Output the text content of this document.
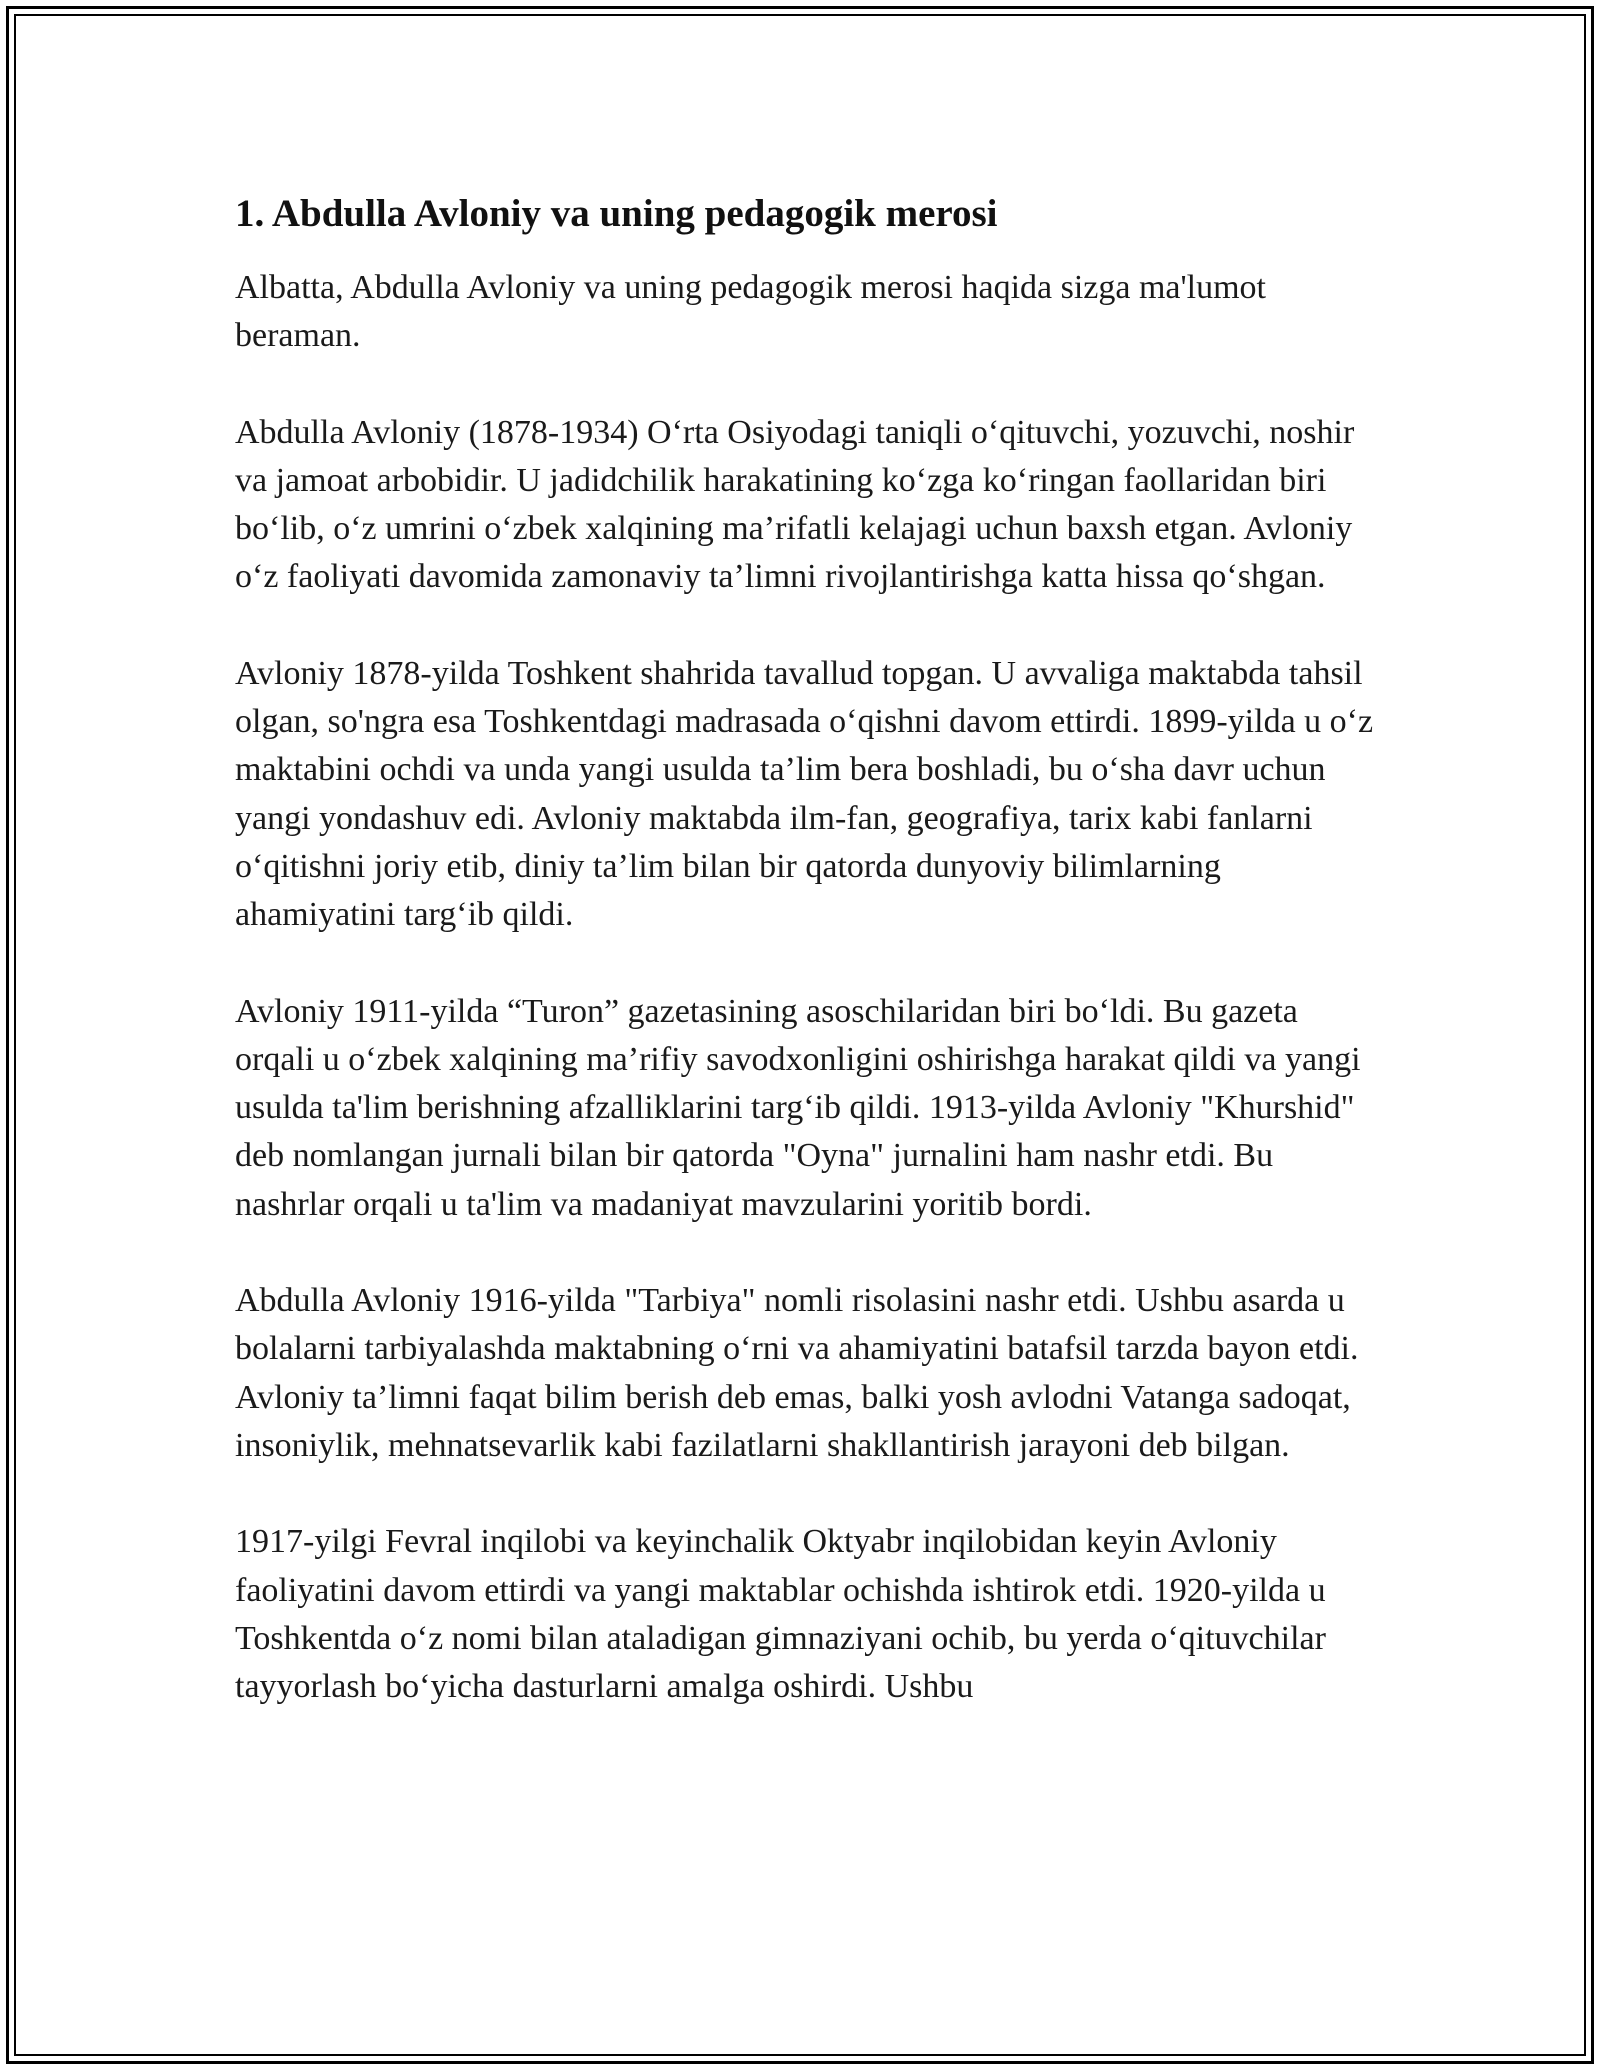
1. Abdulla Avloniy va uning pedagogik merosi

Albatta, Abdulla Avloniy va uning pedagogik merosi haqida sizga ma'lumot beraman.

Abdulla Avloniy (1878-1934) O‘rta Osiyodagi taniqli o‘qituvchi, yozuvchi, noshir va jamoat arbobidir. U jadidchilik harakatining ko‘zga ko‘ringan faollaridan biri bo‘lib, o‘z umrini o‘zbek xalqining ma’rifatli kelajagi uchun baxsh etgan. Avloniy o‘z faoliyati davomida zamonaviy ta’limni rivojlantirishga katta hissa qo‘shgan.

Avloniy 1878-yilda Toshkent shahrida tavallud topgan. U avvaliga maktabda tahsil olgan, so'ngra esa Toshkentdagi madrasada o‘qishni davom ettirdi. 1899-yilda u o‘z maktabini ochdi va unda yangi usulda ta’lim bera boshladi, bu o‘sha davr uchun yangi yondashuv edi. Avloniy maktabda ilm-fan, geografiya, tarix kabi fanlarni o‘qitishni joriy etib, diniy ta’lim bilan bir qatorda dunyoviy bilimlarning ahamiyatini targ‘ib qildi.

Avloniy 1911-yilda “Turon” gazetasining asoschilaridan biri bo‘ldi. Bu gazeta orqali u o‘zbek xalqining ma’rifiy savodxonligini oshirishga harakat qildi va yangi usulda ta'lim berishning afzalliklarini targ‘ib qildi. 1913-yilda Avloniy "Khurshid" deb nomlangan jurnali bilan bir qatorda "Oyna" jurnalini ham nashr etdi. Bu nashrlar orqali u ta'lim va madaniyat mavzularini yoritib bordi.

Abdulla Avloniy 1916-yilda "Tarbiya" nomli risolasini nashr etdi. Ushbu asarda u bolalarni tarbiyalashda maktabning o‘rni va ahamiyatini batafsil tarzda bayon etdi. Avloniy ta’limni faqat bilim berish deb emas, balki yosh avlodni Vatanga sadoqat, insoniylik, mehnatsevarlik kabi fazilatlarni shakllantirish jarayoni deb bilgan.

1917-yilgi Fevral inqilobi va keyinchalik Oktyabr inqilobidan keyin Avloniy faoliyatini davom ettirdi va yangi maktablar ochishda ishtirok etdi. 1920-yilda u Toshkentda o‘z nomi bilan ataladigan gimnaziyani ochib, bu yerda o‘qituvchilar tayyorlash bo‘yicha dasturlarni amalga oshirdi. Ushbu
